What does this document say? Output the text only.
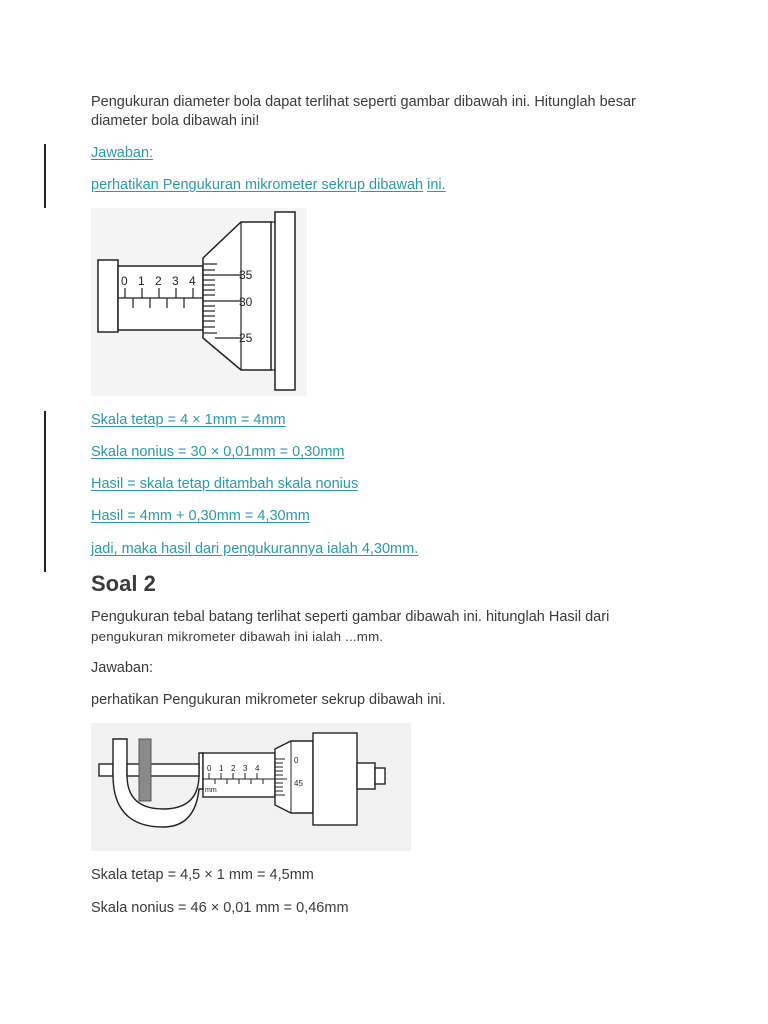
Pengukuran diameter bola dapat terlihat seperti gambar dibawah ini. Hitunglah besar

diameter bola dibawah ini!

Jawaban:

perhatikan Pengukuran mikrometer sekrup dibawah ini.

0 1 2 3 4	35
30
25

Skala tetap = 4 × 1mm = 4mm

Skala nonius = 30 × 0,01mm = 0,30mm

Hasil = skala tetap ditambah skala nonius

Hasil = 4mm + 0,30mm = 4,30mm

jadi, maka hasil dari pengukurannya ialah 4,30mm.

Soal 2

Pengukuran tebal batang terlihat seperti gambar dibawah ini. hitunglah Hasil dari

pengukuran mikrometer dibawah ini ialah ...mm.

Jawaban:

perhatikan Pengukuran mikrometer sekrup dibawah ini.

0 1 2 3 4
mm
0
45

Skala tetap = 4,5 × 1 mm = 4,5mm

Skala nonius = 46 × 0,01 mm = 0,46mm
